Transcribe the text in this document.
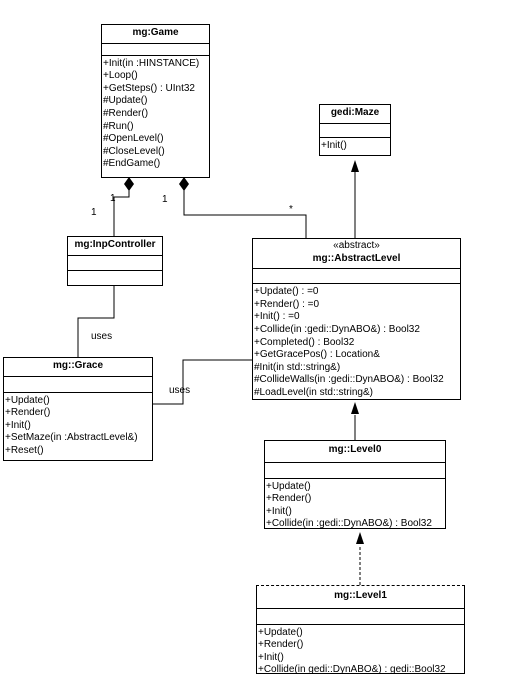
mg:Game
+Init(in :HINSTANCE)
+Loop()
+GetSteps() : UInt32
#Update()
#Render()
#Run()
#OpenLevel()
#CloseLevel()
#EndGame()
gedi:Maze
+Init()
mg:InpController	«abstract»
mg::AbstractLevel
+Update() : =0
+Render() : =0
+Init() : =0
+Collide(in :gedi::DynABO&) : Bool32
+Completed() : Bool32
+GetGracePos() : Location&
#Init(in std::string&)
#CollideWalls(in :gedi::DynABO&) : Bool32
#LoadLevel(in std::string&)
mg::Grace
+Update()
+Render()
+Init()
+SetMaze(in :AbstractLevel&)
+Reset()	mg::Level0
+Update()
+Render()
+Init()
+Collide(in :gedi::DynABO&) : Bool32
mg::Level1
+Update()
+Render()
+Init()
+Collide(in gedi::DynABO&) : gedi::Bool32
1
1
1
*
uses
uses
